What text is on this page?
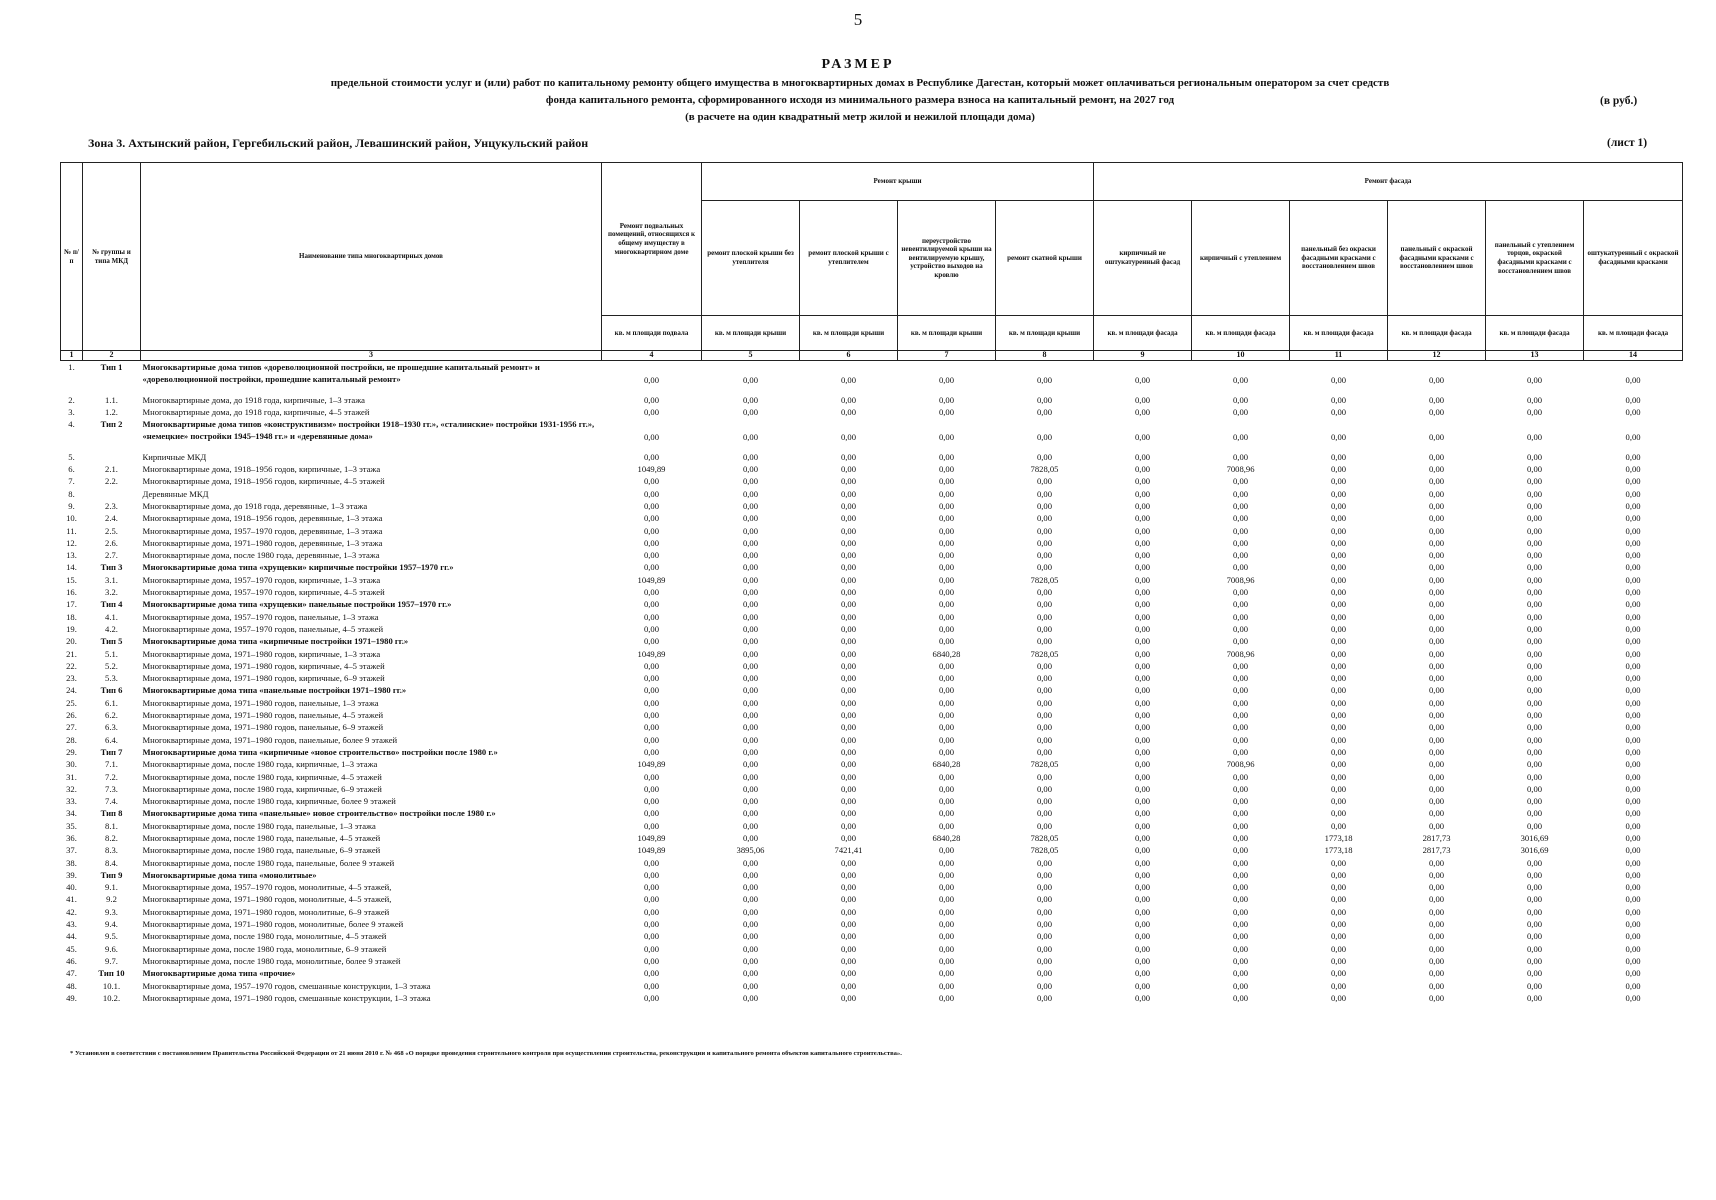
5
РАЗМЕР
предельной стоимости услуг и (или) работ по капитальному ремонту общего имущества в многоквартирных домах в Республике Дагестан, который может оплачиваться региональным оператором за счет средств
фонда капитального ремонта, сформированного исходя из минимального размера взноса на капитальный ремонт, на 2027 год
(в расчете на один квадратный метр жилой и нежилой площади дома)
(в руб.)
Зона 3. Ахтынский район, Гергебильский район, Левашинский район, Унцукульский район	(лист 1)
№ п/п	№ группы и типа МКД	Наименование типа многоквартирных домов	Ремонт подвальных помещений, относящихся к общему имуществу в многоквартирном доме	Ремонт крыши				Ремонт фасада					
				ремонт плоской крыши без утеплителя	ремонт плоской крыши с утеплителем	переустройство невентилируемой крыши на вентилируемую крышу, устройство выходов на кровлю	ремонт скатной крыши	кирпичный не оштукатуренный фасад	кирпичный с утеплением	панельный без окраски фасадными красками с восстановлением швов	панельный с окраской фасадными красками с восстановлением швов	панельный с утеплением торцов, окраской фасадными красками с восстановлением швов	оштукатуренный с окраской фасадными красками
			кв. м площади подвала	кв. м площади крыши	кв. м площади крыши	кв. м площади крыши	кв. м площади крыши	кв. м площади фасада	кв. м площади фасада	кв. м площади фасада	кв. м площади фасада	кв. м площади фасада	кв. м площади фасада
1	2	3	4	5	6	7	8	9	10	11	12	13	14
1.	Тип 1	Многоквартирные дома типов «дореволюционной постройки, не прошедшие капитальный ремонт» и «дореволюционной постройки, прошедшие капитальный ремонт»	0,00	0,00	0,00	0,00	0,00	0,00	0,00	0,00	0,00	0,00	0,00

2.	1.1.	Многоквартирные дома, до 1918 года, кирпичные, 1–3 этажа	0,00	0,00	0,00	0,00	0,00	0,00	0,00	0,00	0,00	0,00	0,00
3.	1.2.	Многоквартирные дома, до 1918 года, кирпичные, 4–5 этажей	0,00	0,00	0,00	0,00	0,00	0,00	0,00	0,00	0,00	0,00	0,00
4.	Тип 2	Многоквартирные дома типов «конструктивизм» постройки 1918–1930 гг.», «сталинские» постройки 1931-1956 гг.», «немецкие» постройки 1945–1948 гг.» и «деревянные дома»	0,00	0,00	0,00	0,00	0,00	0,00	0,00	0,00	0,00	0,00	0,00

5.		Кирпичные МКД	0,00	0,00	0,00	0,00	0,00	0,00	0,00	0,00	0,00	0,00	0,00
6.	2.1.	Многоквартирные дома, 1918–1956 годов, кирпичные, 1–3 этажа	1049,89	0,00	0,00	0,00	7828,05	0,00	7008,96	0,00	0,00	0,00	0,00
7.	2.2.	Многоквартирные дома, 1918–1956 годов, кирпичные, 4–5 этажей	0,00	0,00	0,00	0,00	0,00	0,00	0,00	0,00	0,00	0,00	0,00
8.		Деревянные МКД	0,00	0,00	0,00	0,00	0,00	0,00	0,00	0,00	0,00	0,00	0,00
9.	2.3.	Многоквартирные дома, до 1918 года, деревянные, 1–3 этажа	0,00	0,00	0,00	0,00	0,00	0,00	0,00	0,00	0,00	0,00	0,00
10.	2.4.	Многоквартирные дома, 1918–1956 годов, деревянные, 1–3 этажа	0,00	0,00	0,00	0,00	0,00	0,00	0,00	0,00	0,00	0,00	0,00
11.	2.5.	Многоквартирные дома, 1957–1970 годов, деревянные, 1–3 этажа	0,00	0,00	0,00	0,00	0,00	0,00	0,00	0,00	0,00	0,00	0,00
12.	2.6.	Многоквартирные дома, 1971–1980 годов, деревянные, 1–3 этажа	0,00	0,00	0,00	0,00	0,00	0,00	0,00	0,00	0,00	0,00	0,00
13.	2.7.	Многоквартирные дома, после 1980 года, деревянные, 1–3 этажа	0,00	0,00	0,00	0,00	0,00	0,00	0,00	0,00	0,00	0,00	0,00
14.	Тип 3	Многоквартирные дома типа «хрущевки» кирпичные постройки 1957–1970 гг.»	0,00	0,00	0,00	0,00	0,00	0,00	0,00	0,00	0,00	0,00	0,00
15.	3.1.	Многоквартирные дома, 1957–1970 годов, кирпичные, 1–3 этажа	1049,89	0,00	0,00	0,00	7828,05	0,00	7008,96	0,00	0,00	0,00	0,00
16.	3.2.	Многоквартирные дома, 1957–1970 годов, кирпичные, 4–5 этажей	0,00	0,00	0,00	0,00	0,00	0,00	0,00	0,00	0,00	0,00	0,00
17.	Тип 4	Многоквартирные дома типа «хрущевки» панельные постройки 1957–1970 гг.»	0,00	0,00	0,00	0,00	0,00	0,00	0,00	0,00	0,00	0,00	0,00
18.	4.1.	Многоквартирные дома, 1957–1970 годов, панельные, 1–3 этажа	0,00	0,00	0,00	0,00	0,00	0,00	0,00	0,00	0,00	0,00	0,00
19.	4.2.	Многоквартирные дома, 1957–1970 годов, панельные, 4–5 этажей	0,00	0,00	0,00	0,00	0,00	0,00	0,00	0,00	0,00	0,00	0,00
20.	Тип 5	Многоквартирные дома типа «кирпичные постройки 1971–1980 гг.»	0,00	0,00	0,00	0,00	0,00	0,00	0,00	0,00	0,00	0,00	0,00
21.	5.1.	Многоквартирные дома, 1971–1980 годов, кирпичные, 1–3 этажа	1049,89	0,00	0,00	6840,28	7828,05	0,00	7008,96	0,00	0,00	0,00	0,00
22.	5.2.	Многоквартирные дома, 1971–1980 годов, кирпичные, 4–5 этажей	0,00	0,00	0,00	0,00	0,00	0,00	0,00	0,00	0,00	0,00	0,00
23.	5.3.	Многоквартирные дома, 1971–1980 годов, кирпичные, 6–9 этажей	0,00	0,00	0,00	0,00	0,00	0,00	0,00	0,00	0,00	0,00	0,00
24.	Тип 6	Многоквартирные дома типа «панельные постройки 1971–1980 гг.»	0,00	0,00	0,00	0,00	0,00	0,00	0,00	0,00	0,00	0,00	0,00
25.	6.1.	Многоквартирные дома, 1971–1980 годов, панельные, 1–3 этажа	0,00	0,00	0,00	0,00	0,00	0,00	0,00	0,00	0,00	0,00	0,00
26.	6.2.	Многоквартирные дома, 1971–1980 годов, панельные, 4–5 этажей	0,00	0,00	0,00	0,00	0,00	0,00	0,00	0,00	0,00	0,00	0,00
27.	6.3.	Многоквартирные дома, 1971–1980 годов, панельные, 6–9 этажей	0,00	0,00	0,00	0,00	0,00	0,00	0,00	0,00	0,00	0,00	0,00
28.	6.4.	Многоквартирные дома, 1971–1980 годов, панельные, более 9 этажей	0,00	0,00	0,00	0,00	0,00	0,00	0,00	0,00	0,00	0,00	0,00
29.	Тип 7	Многоквартирные дома типа «кирпичные «новое строительство» постройки после 1980 г.»	0,00	0,00	0,00	0,00	0,00	0,00	0,00	0,00	0,00	0,00	0,00
30.	7.1.	Многоквартирные дома, после 1980 года, кирпичные, 1–3 этажа	1049,89	0,00	0,00	6840,28	7828,05	0,00	7008,96	0,00	0,00	0,00	0,00
31.	7.2.	Многоквартирные дома, после 1980 года, кирпичные, 4–5 этажей	0,00	0,00	0,00	0,00	0,00	0,00	0,00	0,00	0,00	0,00	0,00
32.	7.3.	Многоквартирные дома, после 1980 года, кирпичные, 6–9 этажей	0,00	0,00	0,00	0,00	0,00	0,00	0,00	0,00	0,00	0,00	0,00
33.	7.4.	Многоквартирные дома, после 1980 года, кирпичные, более 9 этажей	0,00	0,00	0,00	0,00	0,00	0,00	0,00	0,00	0,00	0,00	0,00
34.	Тип 8	Многоквартирные дома типа «панельные» новое строительство» постройки после 1980 г.»	0,00	0,00	0,00	0,00	0,00	0,00	0,00	0,00	0,00	0,00	0,00
35.	8.1.	Многоквартирные дома, после 1980 года, панельные, 1–3 этажа	0,00	0,00	0,00	0,00	0,00	0,00	0,00	0,00	0,00	0,00	0,00
36.	8.2.	Многоквартирные дома, после 1980 года, панельные, 4–5 этажей	1049,89	0,00	0,00	6840,28	7828,05	0,00	0,00	1773,18	2817,73	3016,69	0,00
37.	8.3.	Многоквартирные дома, после 1980 года, панельные, 6–9 этажей	1049,89	3895,06	7421,41	0,00	7828,05	0,00	0,00	1773,18	2817,73	3016,69	0,00
38.	8.4.	Многоквартирные дома, после 1980 года, панельные, более 9 этажей	0,00	0,00	0,00	0,00	0,00	0,00	0,00	0,00	0,00	0,00	0,00
39.	Тип 9	Многоквартирные дома типа «монолитные»	0,00	0,00	0,00	0,00	0,00	0,00	0,00	0,00	0,00	0,00	0,00
40.	9.1.	Многоквартирные дома, 1957–1970 годов, монолитные, 4–5 этажей,	0,00	0,00	0,00	0,00	0,00	0,00	0,00	0,00	0,00	0,00	0,00
41.	9.2	Многоквартирные дома, 1971–1980 годов, монолитные, 4–5 этажей,	0,00	0,00	0,00	0,00	0,00	0,00	0,00	0,00	0,00	0,00	0,00
42.	9.3.	Многоквартирные дома, 1971–1980 годов, монолитные, 6–9 этажей	0,00	0,00	0,00	0,00	0,00	0,00	0,00	0,00	0,00	0,00	0,00
43.	9.4.	Многоквартирные дома, 1971–1980 годов, монолитные, более 9 этажей	0,00	0,00	0,00	0,00	0,00	0,00	0,00	0,00	0,00	0,00	0,00
44.	9.5.	Многоквартирные дома, после 1980 года, монолитные, 4–5 этажей	0,00	0,00	0,00	0,00	0,00	0,00	0,00	0,00	0,00	0,00	0,00
45.	9.6.	Многоквартирные дома, после 1980 года, монолитные, 6–9 этажей	0,00	0,00	0,00	0,00	0,00	0,00	0,00	0,00	0,00	0,00	0,00
46.	9.7.	Многоквартирные дома, после 1980 года, монолитные, более 9 этажей	0,00	0,00	0,00	0,00	0,00	0,00	0,00	0,00	0,00	0,00	0,00
47.	Тип 10	Многоквартирные дома типа «прочие»	0,00	0,00	0,00	0,00	0,00	0,00	0,00	0,00	0,00	0,00	0,00
48.	10.1.	Многоквартирные дома, 1957–1970 годов, смешанные конструкции, 1–3 этажа	0,00	0,00	0,00	0,00	0,00	0,00	0,00	0,00	0,00	0,00	0,00
49.	10.2.	Многоквартирные дома, 1971–1980 годов, смешанные конструкции, 1–3 этажа	0,00	0,00	0,00	0,00	0,00	0,00	0,00	0,00	0,00	0,00	0,00
* Установлен в соответствии с постановлением Правительства Российской Федерации от 21 июня 2010 г. № 468 «О порядке проведения строительного контроля при осуществлении строительства, реконструкции и капитального ремонта объектов капитального строительства».
